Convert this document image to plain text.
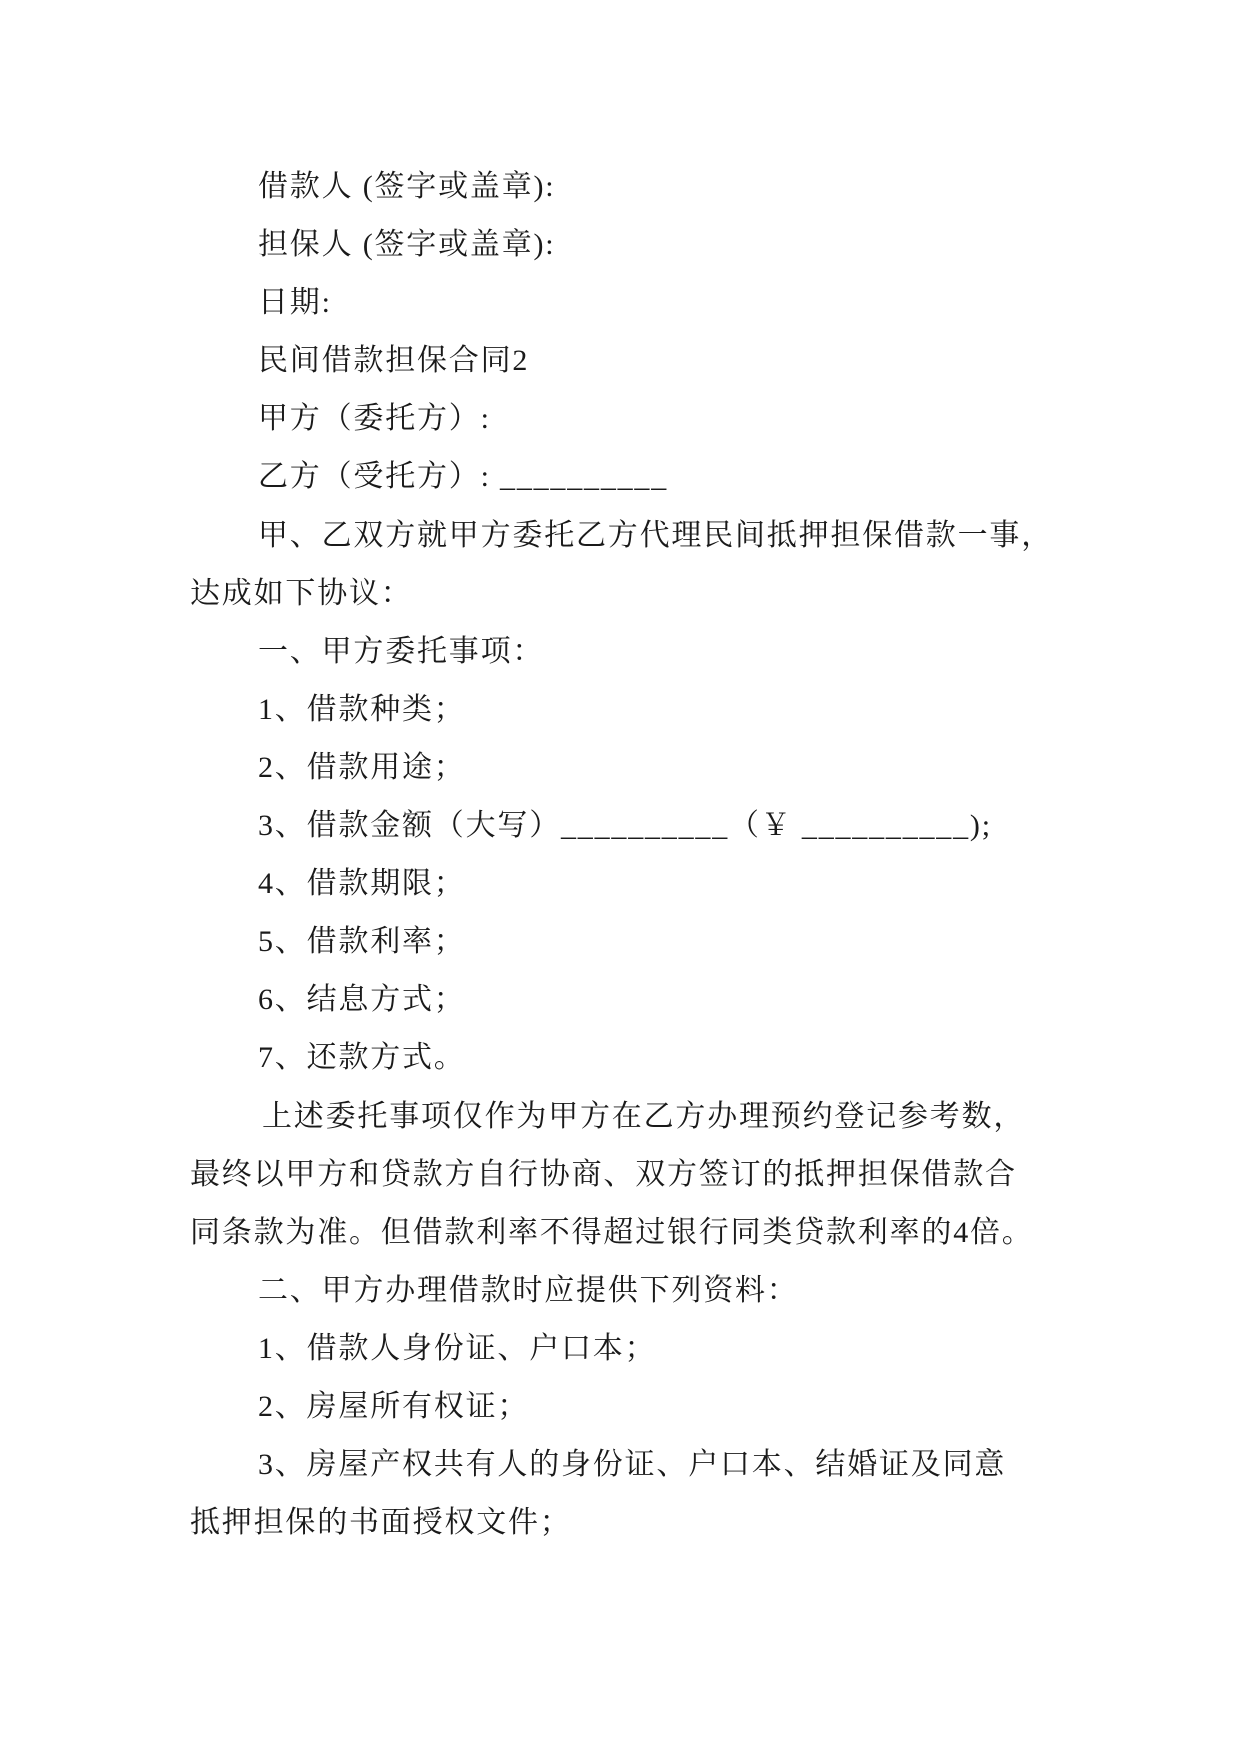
借款人 (签字或盖章):
担保人 (签字或盖章):
日期:
民间借款担保合同2
甲方（委托方）:
乙方（受托方）: __________
甲、乙双方就甲方委托乙方代理民间抵押担保借款一事，
达成如下协议：
一、甲方委托事项：
1、借款种类；
2、借款用途；
3、借款金额（大写）__________（￥ __________);
4、借款期限；
5、借款利率；
6、结息方式；
7、还款方式。
上述委托事项仅作为甲方在乙方办理预约登记参考数，
最终以甲方和贷款方自行协商、双方签订的抵押担保借款合
同条款为准。但借款利率不得超过银行同类贷款利率的4倍。
二、甲方办理借款时应提供下列资料：
1、借款人身份证、户口本；
2、房屋所有权证；
3、房屋产权共有人的身份证、户口本、结婚证及同意
抵押担保的书面授权文件；
